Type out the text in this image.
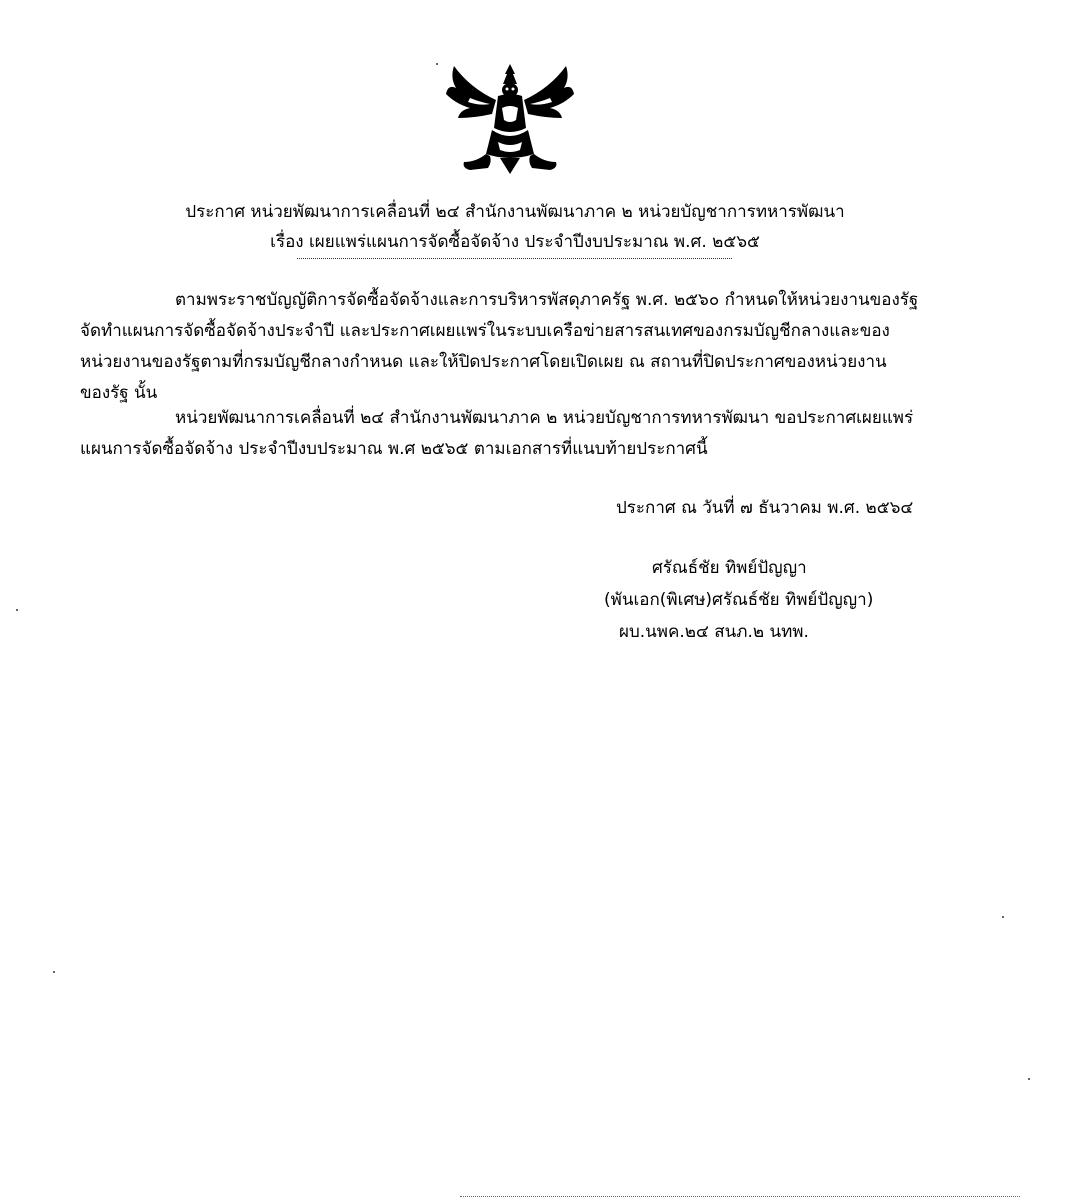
ประกาศ หน่วยพัฒนาการเคลื่อนที่ ๒๔ สำนักงานพัฒนาภาค ๒ หน่วยบัญชาการทหารพัฒนา
เรื่อง เผยแพร่แผนการจัดซื้อจัดจ้าง ประจำปีงบประมาณ พ.ศ. ๒๕๖๕
ตามพระราชบัญญัติการจัดซื้อจัดจ้างและการบริหารพัสดุภาครัฐ พ.ศ. ๒๕๖๐ กำหนดให้หน่วยงานของรัฐ
จัดทำแผนการจัดซื้อจัดจ้างประจำปี และประกาศเผยแพร่ในระบบเครือข่ายสารสนเทศของกรมบัญชีกลางและของ
หน่วยงานของรัฐตามที่กรมบัญชีกลางกำหนด และให้ปิดประกาศโดยเปิดเผย ณ สถานที่ปิดประกาศของหน่วยงาน
ของรัฐ นั้น
หน่วยพัฒนาการเคลื่อนที่ ๒๔ สำนักงานพัฒนาภาค ๒ หน่วยบัญชาการทหารพัฒนา ขอประกาศเผยแพร่
แผนการจัดซื้อจัดจ้าง ประจำปีงบประมาณ พ.ศ ๒๕๖๕ ตามเอกสารที่แนบท้ายประกาศนี้
ประกาศ ณ วันที่ ๗ ธันวาคม พ.ศ. ๒๕๖๔
ศรัณธ์ชัย ทิพย์ปัญญา
(พันเอก(พิเศษ)ศรัณธ์ชัย ทิพย์ปัญญา)
ผบ.นพค.๒๔ สนภ.๒ นทพ.
